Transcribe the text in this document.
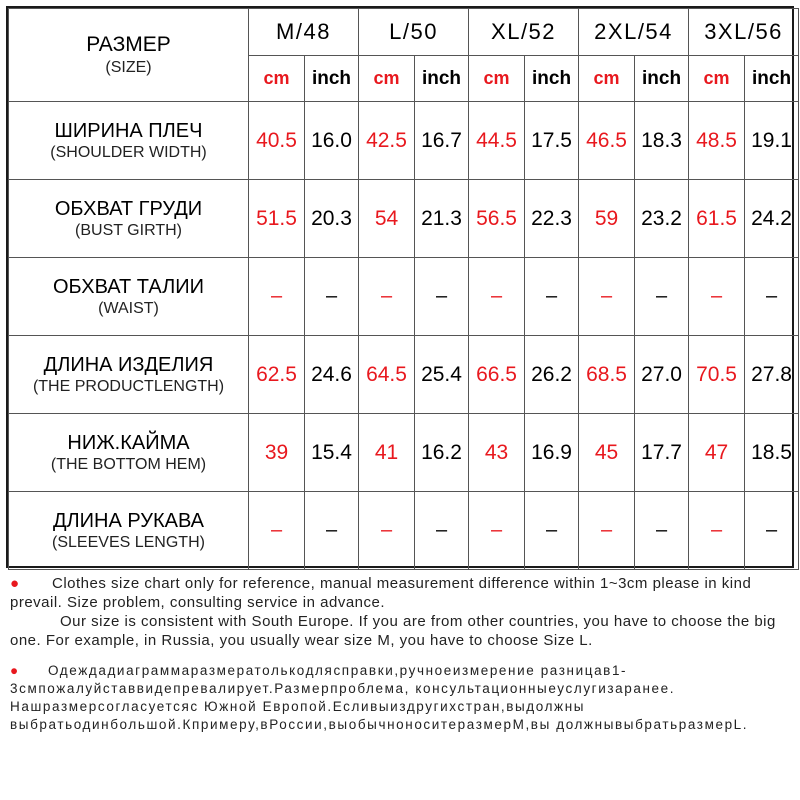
РАЗМЕР
(SIZE)	M/48		L/50		XL/52		2XL/54		3XL/56	
	cm	inch	cm	inch	cm	inch	cm	inch	cm	inch

ШИРИНА ПЛЕЧ
(SHOULDER WIDTH)	40.5	16.0	42.5	16.7	44.5	17.5	46.5	18.3	48.5	19.1

ОБХВАТ ГРУДИ
(BUST GIRTH)	51.5	20.3	54	21.3	56.5	22.3	59	23.2	61.5	24.2

ОБХВАТ ТАЛИИ
(WAIST)	–	–	–	–	–	–	–	–	–	–

ДЛИНА ИЗДЕЛИЯ
(THE PRODUCTLENGTH)	62.5	24.6	64.5	25.4	66.5	26.2	68.5	27.0	70.5	27.8

НИЖ.КАЙМА
(THE BOTTOM HEM)	39	15.4	41	16.2	43	16.9	45	17.7	47	18.5

ДЛИНА РУКАВА
(SLEEVES LENGTH)	–	–	–	–	–	–	–	–	–	–

● Clothes size chart only for reference, manual measurement difference within 1~3cm please in kind prevail. Size problem, consulting service in advance.

Our size is consistent with South Europe. If you are from other countries, you have to choose the big one. For example, in Russia, you usually wear size M, you have to choose Size L.

● Одеждадиаграммаразмератолькодляcправки,ручноеизмерение разницав1-3смпожалуйставвидепревалирует.Размерпроблема, консультационныеуслугизаранее.

Нашразмерсогласуетсяс Южной Европой.Есливыиздругихстран,выдолжны выбратьодинбольшой.Кпримеру,вРоссии,выобычноноситеразмерM,вы должнывыбратьразмерL.
